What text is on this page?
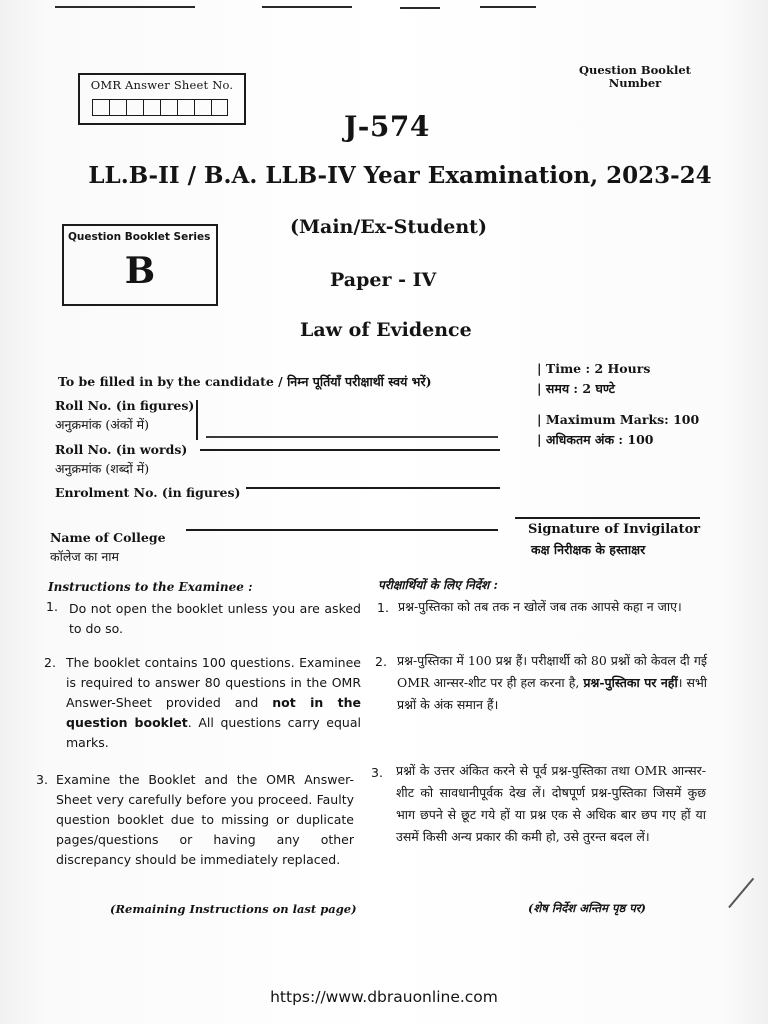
OMR Answer Sheet No.
Question Booklet
Number
J-574
LL.B-II / B.A. LLB-IV Year Examination, 2023-24
Question Booklet Series
B
(Main/Ex-Student)
Paper - IV
Law of Evidence
| Time : 2 Hours
| समय : 2 घण्टे
| Maximum Marks: 100
| अधिकतम अंक : 100
To be filled in by the candidate / निम्न पूर्तियाँ परीक्षार्थी स्वयं भरें)
Roll No. (in figures)
अनुक्रमांक (अंकों में)
Roll No. (in words)
अनुक्रमांक (शब्दों में)
Enrolment No. (in figures)
Name of College
कॉलेज का नाम
Signature of Invigilator
कक्ष निरीक्षक के हस्ताक्षर
Instructions to the Examinee :
1. Do not open the booklet unless you are asked to do so.
2. The booklet contains 100 questions. Examinee is required to answer 80 questions in the OMR Answer-Sheet provided and not in the question booklet. All questions carry equal marks.
3. Examine the Booklet and the OMR Answer-Sheet very carefully before you proceed. Faulty question booklet due to missing or duplicate pages/questions or having any other discrepancy should be immediately replaced.
(Remaining Instructions on last page)
परीक्षार्थियों के लिए निर्देश :
1. प्रश्न-पुस्तिका को तब तक न खोलें जब तक आपसे कहा न जाए।
2. प्रश्न-पुस्तिका में 100 प्रश्न हैं। परीक्षार्थी को 80 प्रश्नों को केवल दी गई OMR आन्सर-शीट पर ही हल करना है, प्रश्न-पुस्तिका पर नहीं। सभी प्रश्नों के अंक समान हैं।
3. प्रश्नों के उत्तर अंकित करने से पूर्व प्रश्न-पुस्तिका तथा OMR आन्सर-शीट को सावधानीपूर्वक देख लें। दोषपूर्ण प्रश्न-पुस्तिका जिसमें कुछ भाग छपने से छूट गये हों या प्रश्न एक से अधिक बार छप गए हों या उसमें किसी अन्य प्रकार की कमी हो, उसे तुरन्त बदल लें।
(शेष निर्देश अन्तिम पृष्ठ पर)
https://www.dbrauonline.com
